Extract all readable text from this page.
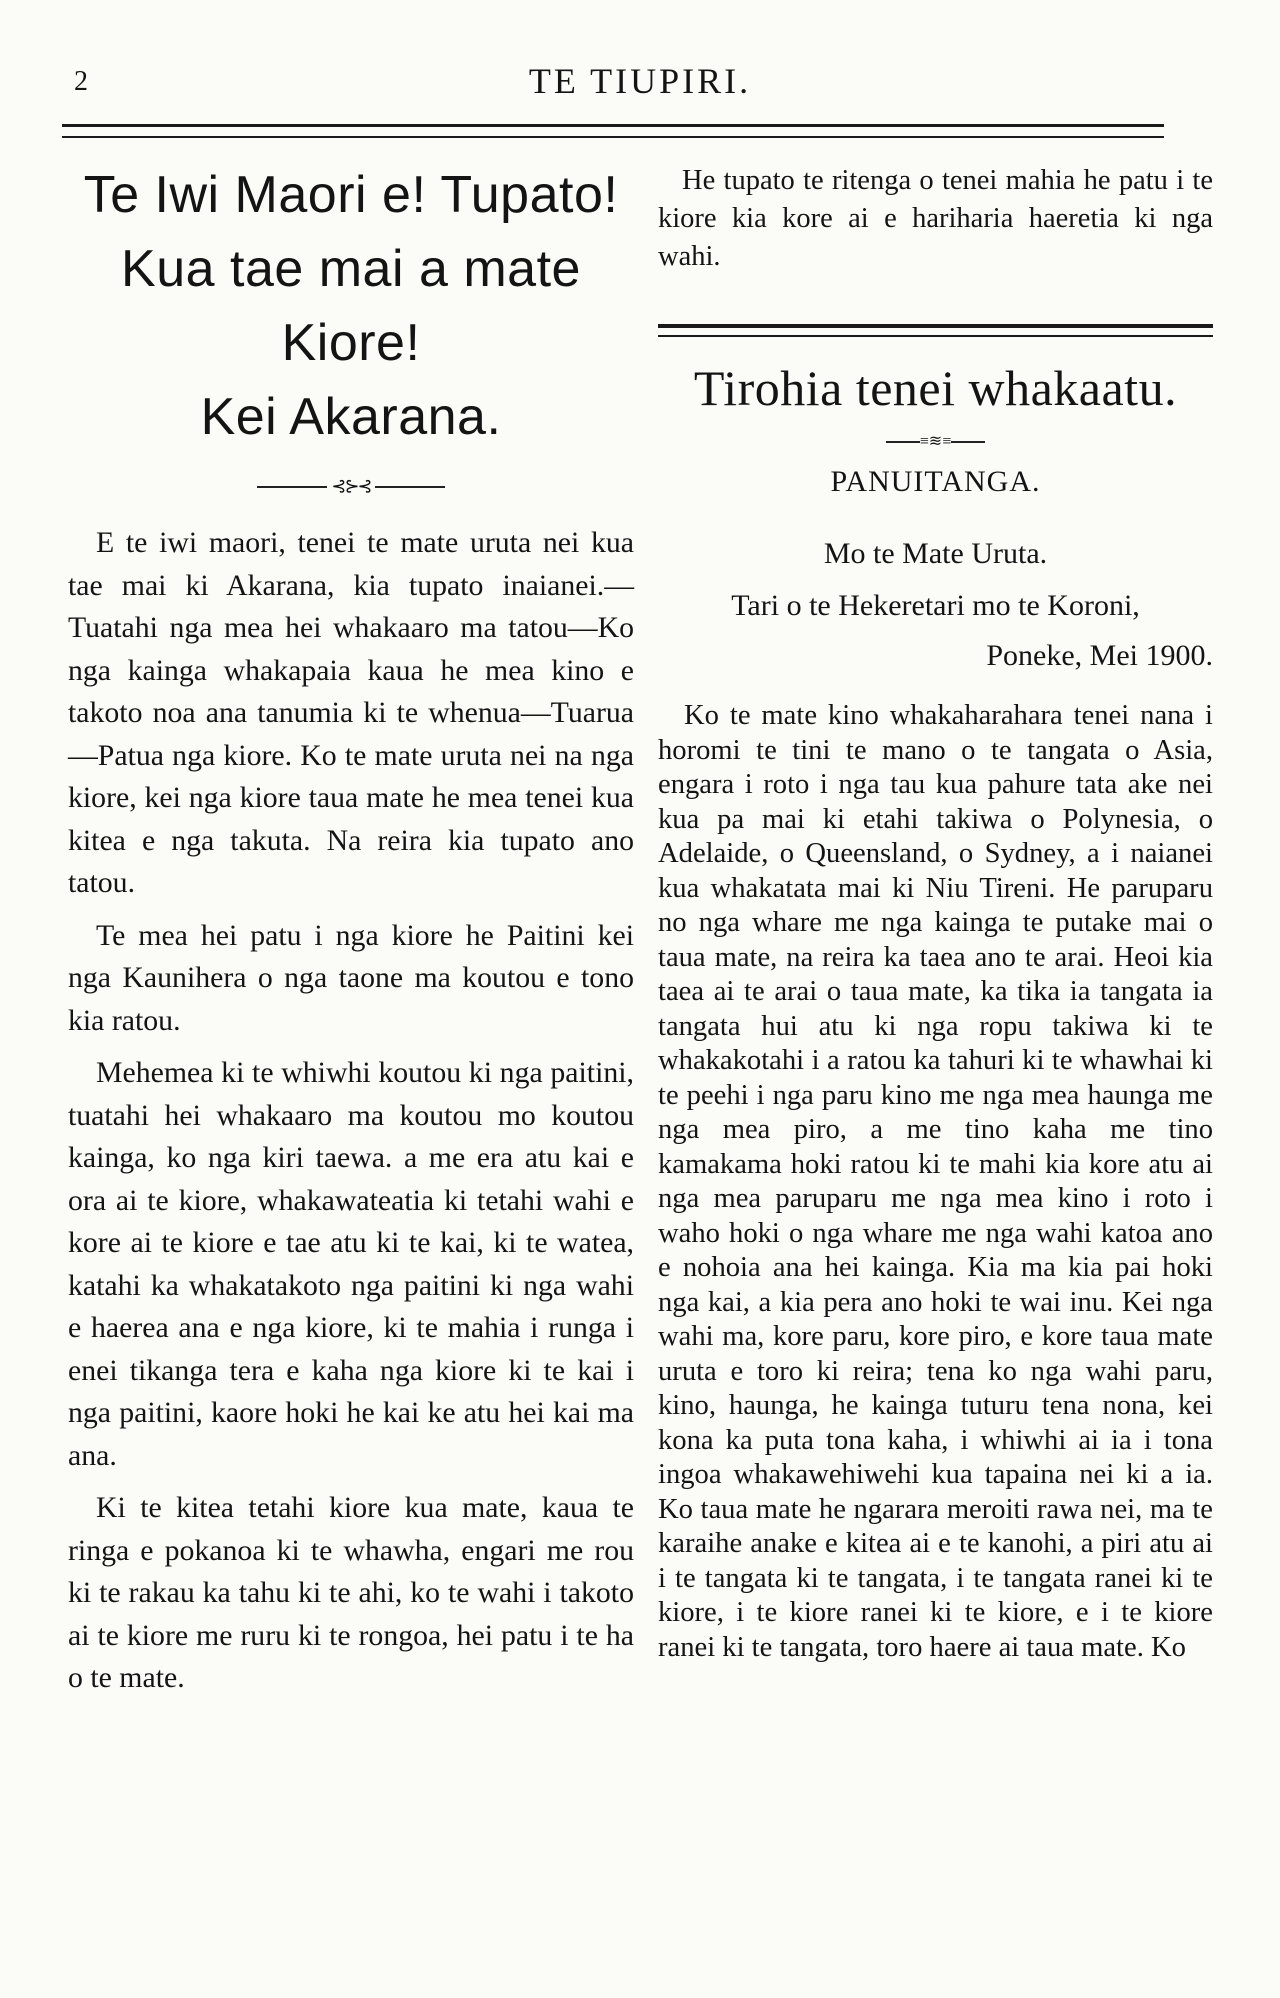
2	TE TIUPIRI.
Te Iwi Maori e! Tupato!
Kua tae mai a mate
Kiore!
Kei Akarana.
⊰⊱⊰

E te iwi maori, tenei te mate uruta nei kua tae mai ki Akarana, kia tupato inaianei.—Tuatahi nga mea hei whakaaro ma tatou—Ko nga kainga whakapaia kaua he mea kino e takoto noa ana tanumia ki te whenua—Tuarua—Patua nga kiore. Ko te mate uruta nei na nga kiore, kei nga kiore taua mate he mea tenei kua kitea e nga takuta. Na reira kia tupato ano tatou.

Te mea hei patu i nga kiore he Paitini kei nga Kaunihera o nga taone ma koutou e tono kia ratou.

Mehemea ki te whiwhi koutou ki nga paitini, tuatahi hei whakaaro ma koutou mo koutou kainga, ko nga kiri taewa. a me era atu kai e ora ai te kiore, whakawateatia ki tetahi wahi e kore ai te kiore e tae atu ki te kai, ki te watea, katahi ka whakatakoto nga paitini ki nga wahi e haerea ana e nga kiore, ki te mahia i runga i enei tikanga tera e kaha nga kiore ki te kai i nga paitini, kaore hoki he kai ke atu hei kai ma ana.

Ki te kitea tetahi kiore kua mate, kaua te ringa e pokanoa ki te whawha, engari me rou ki te rakau ka tahu ki te ahi, ko te wahi i takoto ai te kiore me ruru ki te rongoa, hei patu i te ha o te mate.

He tupato te ritenga o tenei mahia he patu i te kiore kia kore ai e hariharia haeretia ki nga wahi.

Tirohia tenei whakaatu.
≡≋≡
PANUITANGA.
Mo te Mate Uruta.
Tari o te Hekeretari mo te Koroni,
Poneke, Mei 1900.

Ko te mate kino whakaharahara tenei nana i horomi te tini te mano o te tangata o Asia, engara i roto i nga tau kua pahure tata ake nei kua pa mai ki etahi takiwa o Polynesia, o Adelaide, o Queensland, o Sydney, a i naianei kua whakatata mai ki Niu Tireni. He paruparu no nga whare me nga kainga te putake mai o taua mate, na reira ka taea ano te arai. Heoi kia taea ai te arai o taua mate, ka tika ia tangata ia tangata hui atu ki nga ropu takiwa ki te whakakotahi i a ratou ka tahuri ki te whawhai ki te peehi i nga paru kino me nga mea haunga me nga mea piro, a me tino kaha me tino kamakama hoki ratou ki te mahi kia kore atu ai nga mea paruparu me nga mea kino i roto i waho hoki o nga whare me nga wahi katoa ano e nohoia ana hei kainga. Kia ma kia pai hoki nga kai, a kia pera ano hoki te wai inu. Kei nga wahi ma, kore paru, kore piro, e kore taua mate uruta e toro ki reira; tena ko nga wahi paru, kino, haunga, he kainga tuturu tena nona, kei kona ka puta tona kaha, i whiwhi ai ia i tona ingoa whakawehiwehi kua tapaina nei ki a ia. Ko taua mate he ngarara meroiti rawa nei, ma te karaihe anake e kitea ai e te kanohi, a piri atu ai i te tangata ki te tangata, i te tangata ranei ki te kiore, i te kiore ranei ki te kiore, e i te kiore ranei ki te tangata, toro haere ai taua mate. Ko
